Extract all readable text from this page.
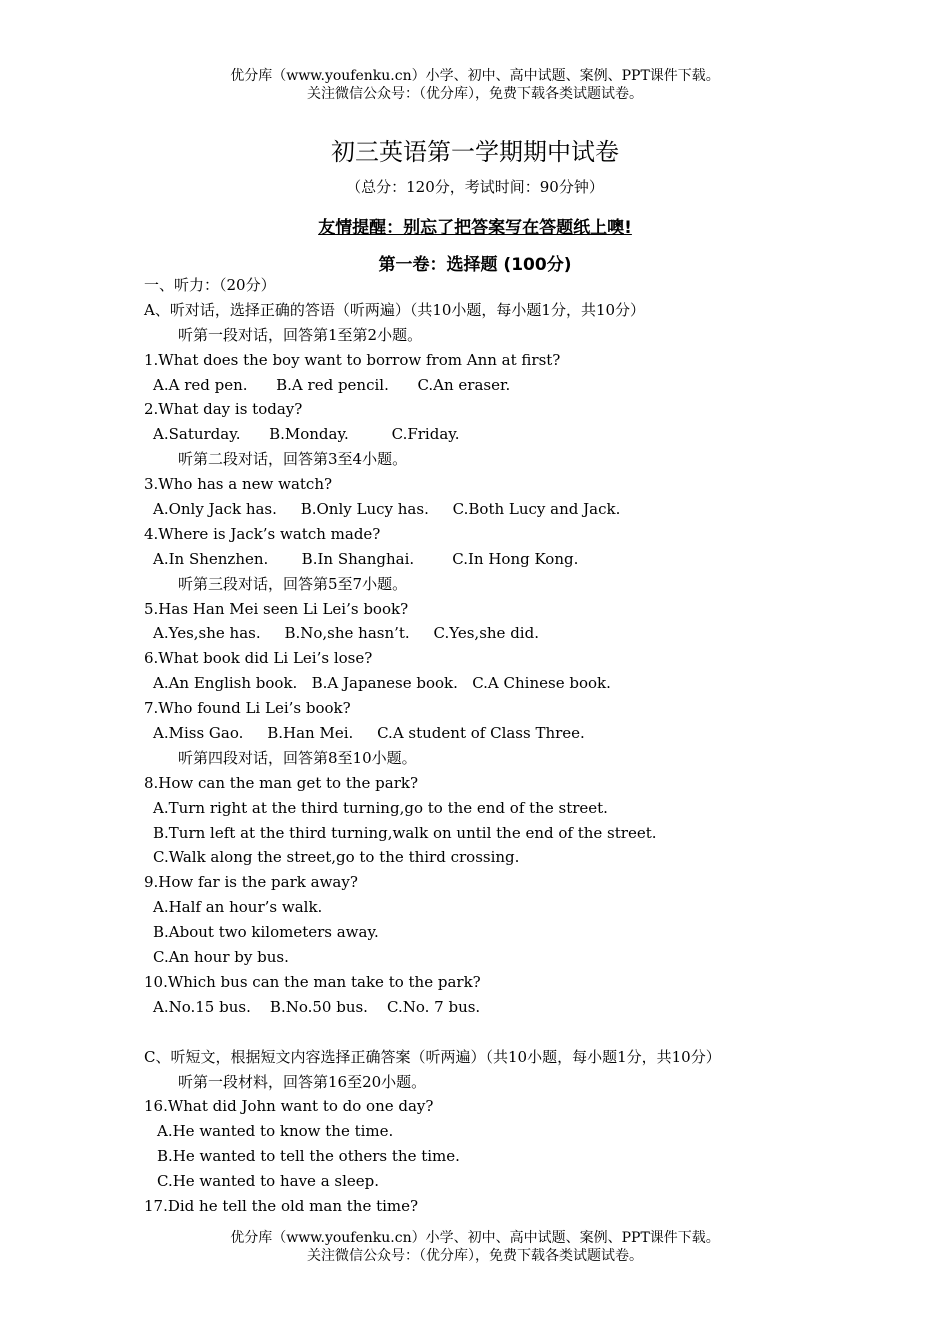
优分库（www.youfenku.cn）小学、初中、高中试题、案例、PPT课件下载。
关注微信公众号：（优分库），免费下载各类试题试卷。
初三英语第一学期期中试卷
（总分：120分，考试时间：90分钟）
友情提醒：别忘了把答案写在答题纸上噢!
第一卷：选择题 (100分)
一、听力：（20分）
A、听对话，选择正确的答语（听两遍）（共10小题，每小题1分，共10分）
听第一段对话，回答第1至第2小题。
1.What does the boy want to borrow from Ann at first?
A.A red pen.      B.A red pencil.      C.An eraser.
2.What day is today?
A.Saturday.      B.Monday.         C.Friday.
听第二段对话，回答第3至4小题。
3.Who has a new watch?
A.Only Jack has.     B.Only Lucy has.     C.Both Lucy and Jack.
4.Where is Jack’s watch made?
A.In Shenzhen.       B.In Shanghai.        C.In Hong Kong.
听第三段对话，回答第5至7小题。
5.Has Han Mei seen Li Lei’s book?
A.Yes,she has.     B.No,she hasn’t.     C.Yes,she did.
6.What book did Li Lei’s lose?
A.An English book.   B.A Japanese book.   C.A Chinese book.
7.Who found Li Lei’s book?
A.Miss Gao.     B.Han Mei.     C.A student of Class Three.
听第四段对话，回答第8至10小题。
8.How can the man get to the park?
A.Turn right at the third turning,go to the end of the street.
B.Turn left at the third turning,walk on until the end of the street.
C.Walk along the street,go to the third crossing.
9.How far is the park away?
A.Half an hour’s walk.
B.About two kilometers away.
C.An hour by bus.
10.Which bus can the man take to the park?
A.No.15 bus.    B.No.50 bus.    C.No. 7 bus.
C、听短文，根据短文内容选择正确答案（听两遍）（共10小题，每小题1分，共10分）
听第一段材料，回答第16至20小题。
16.What did John want to do one day?
A.He wanted to know the time.
B.He wanted to tell the others the time.
C.He wanted to have a sleep.
17.Did he tell the old man the time?
优分库（www.youfenku.cn）小学、初中、高中试题、案例、PPT课件下载。
关注微信公众号：（优分库），免费下载各类试题试卷。
